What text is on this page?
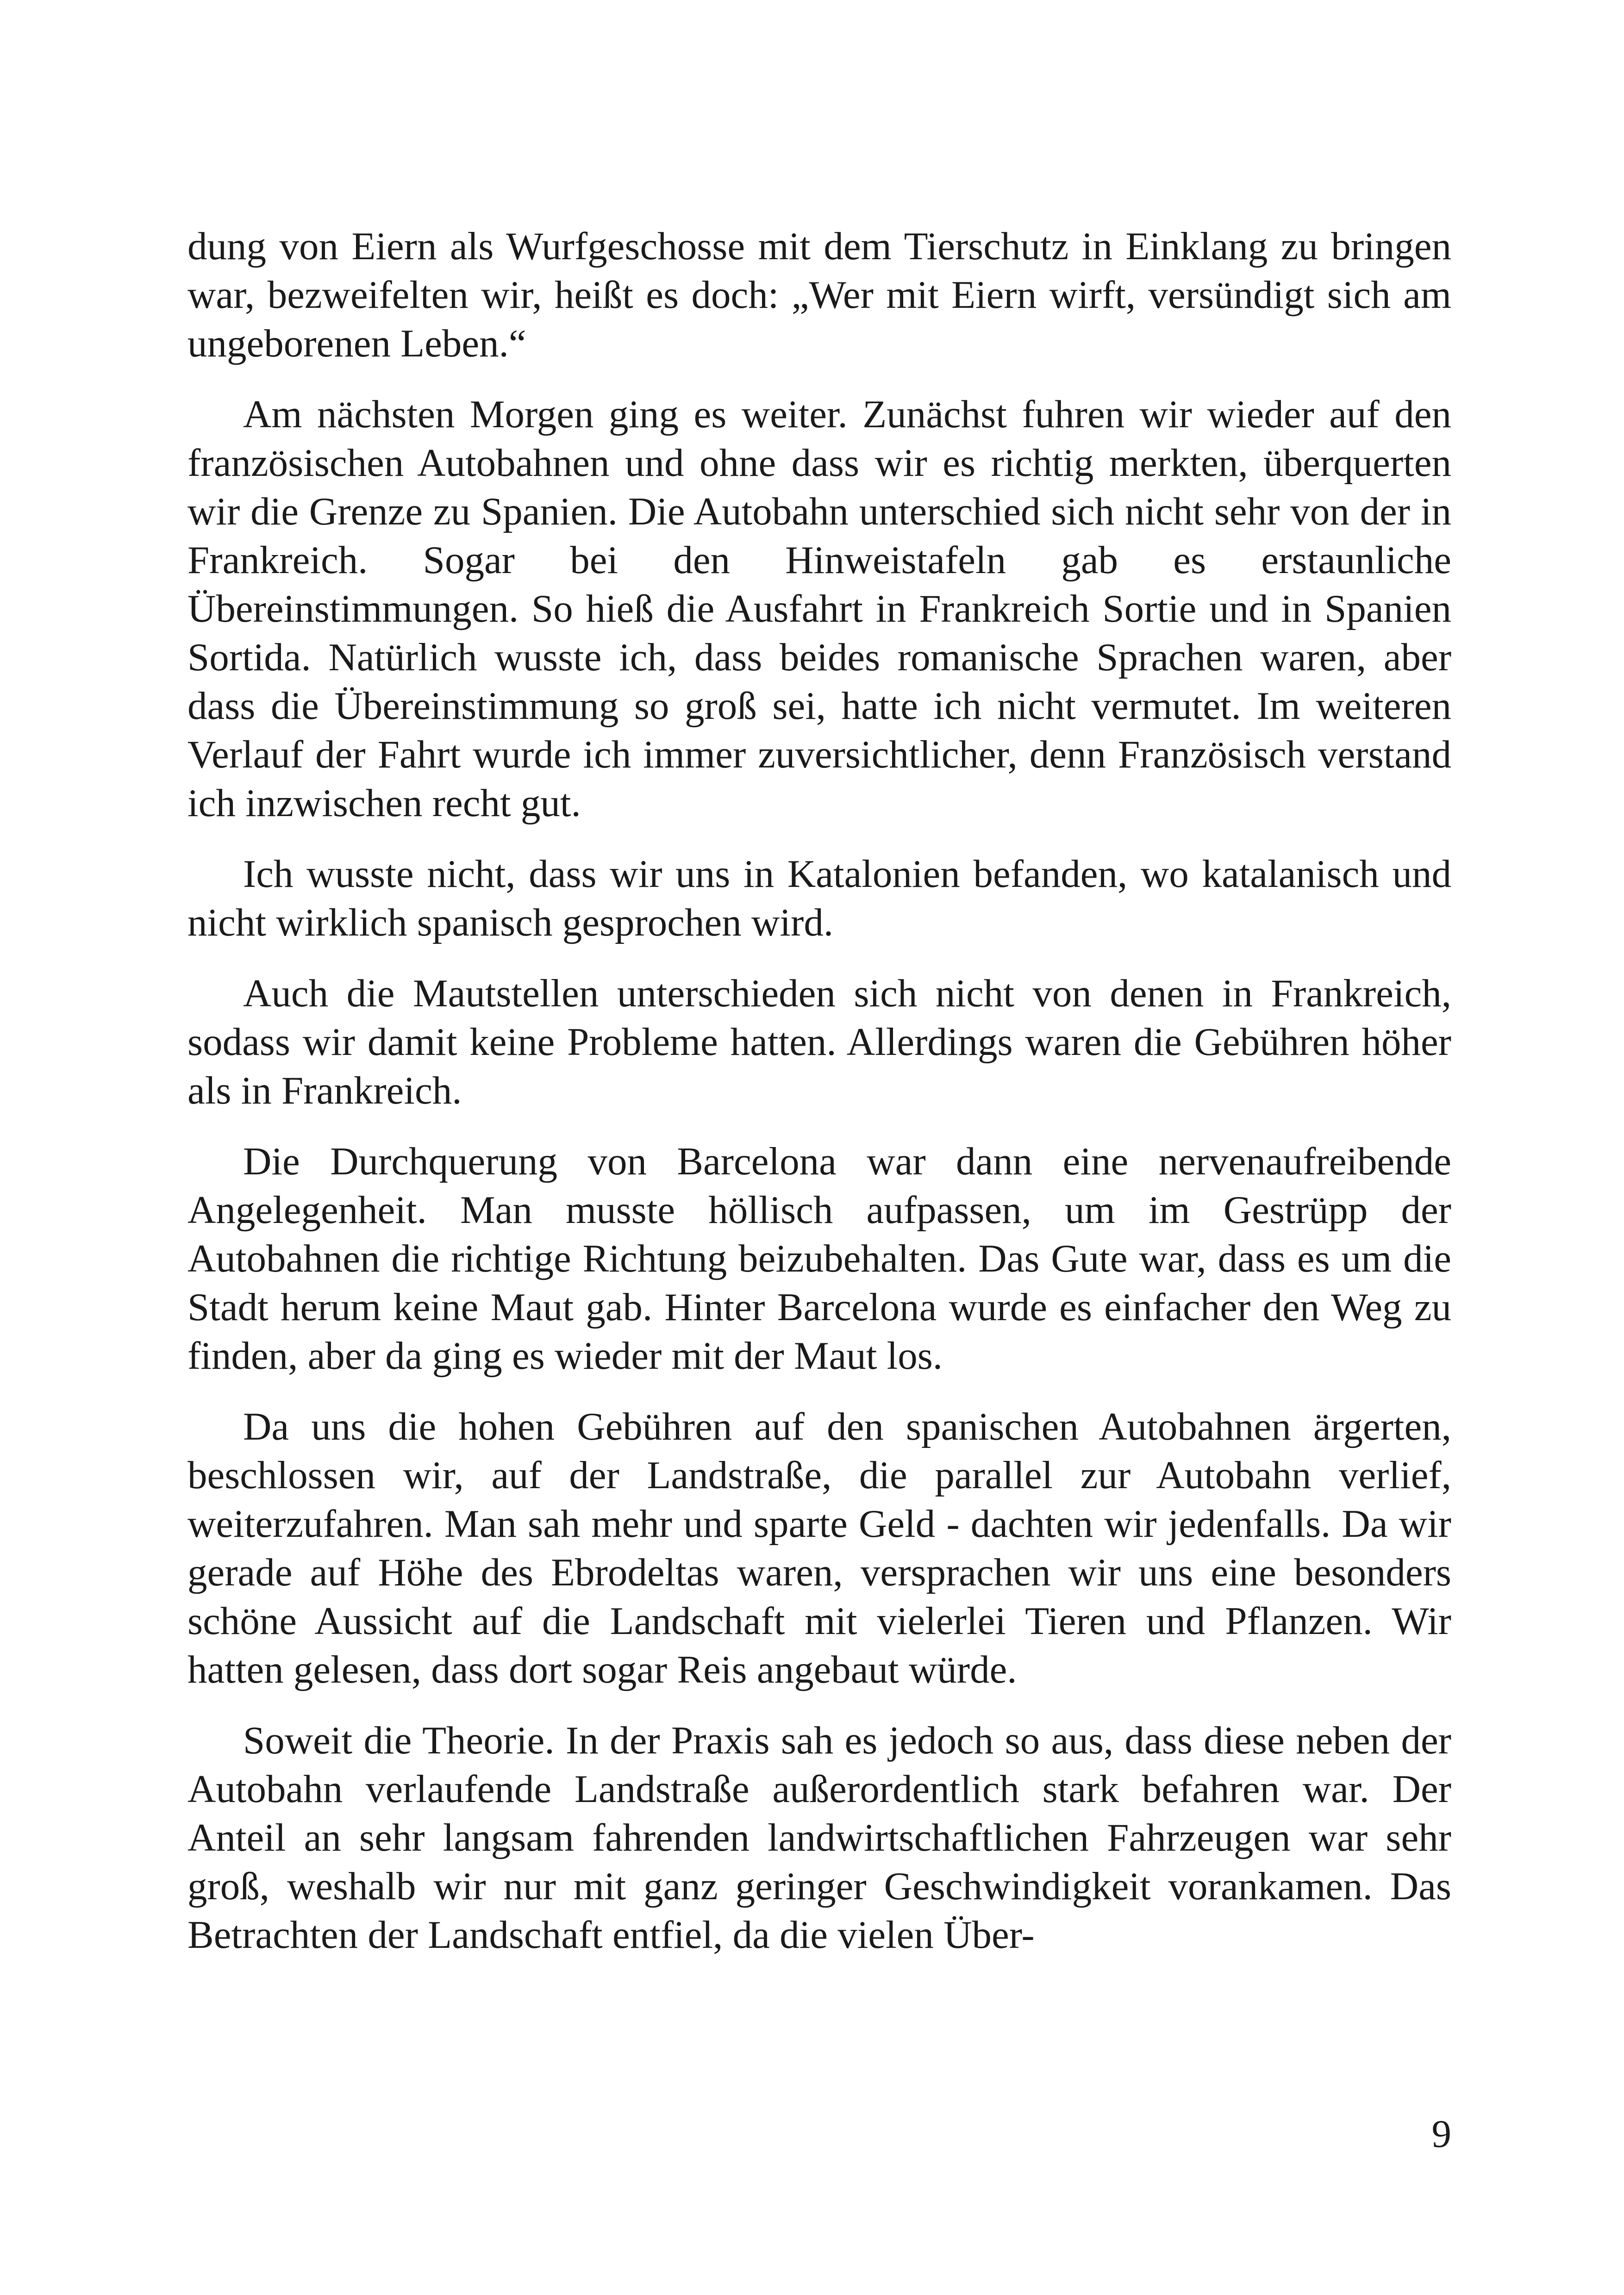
dung von Eiern als Wurfgeschosse mit dem Tierschutz in Einklang zu bringen war, bezweifelten wir, heißt es doch: „Wer mit Eiern wirft, versündigt sich am ungeborenen Leben.“

Am nächsten Morgen ging es weiter. Zunächst fuhren wir wieder auf den französischen Autobahnen und ohne dass wir es richtig merkten, überquerten wir die Grenze zu Spanien. Die Autobahn unterschied sich nicht sehr von der in Frankreich. Sogar bei den Hinweistafeln gab es erstaunliche Übereinstimmungen. So hieß die Ausfahrt in Frankreich Sortie und in Spanien Sortida. Natürlich wusste ich, dass beides romanische Sprachen waren, aber dass die Übereinstimmung so groß sei, hatte ich nicht vermutet. Im weiteren Verlauf der Fahrt wurde ich immer zuversichtlicher, denn Französisch verstand ich inzwischen recht gut.

Ich wusste nicht, dass wir uns in Katalonien befanden, wo katalanisch und nicht wirklich spanisch gesprochen wird.

Auch die Mautstellen unterschieden sich nicht von denen in Frankreich, sodass wir damit keine Probleme hatten. Allerdings waren die Gebühren höher als in Frankreich.

Die Durchquerung von Barcelona war dann eine nervenaufreibende Angelegenheit. Man musste höllisch aufpassen, um im Gestrüpp der Autobahnen die richtige Richtung beizubehalten. Das Gute war, dass es um die Stadt herum keine Maut gab. Hinter Barcelona wurde es einfacher den Weg zu finden, aber da ging es wieder mit der Maut los.

Da uns die hohen Gebühren auf den spanischen Autobahnen ärgerten, beschlossen wir, auf der Landstraße, die parallel zur Autobahn verlief, weiterzufahren. Man sah mehr und sparte Geld - dachten wir jedenfalls. Da wir gerade auf Höhe des Ebrodeltas waren, versprachen wir uns eine besonders schöne Aussicht auf die Landschaft mit vielerlei Tieren und Pflanzen. Wir hatten gelesen, dass dort sogar Reis angebaut würde.

Soweit die Theorie. In der Praxis sah es jedoch so aus, dass diese neben der Autobahn verlaufende Landstraße außerordentlich stark befahren war. Der Anteil an sehr langsam fahrenden landwirtschaftlichen Fahrzeugen war sehr groß, weshalb wir nur mit ganz geringer Geschwindigkeit vorankamen. Das Betrachten der Landschaft entfiel, da die vielen Über-

9
